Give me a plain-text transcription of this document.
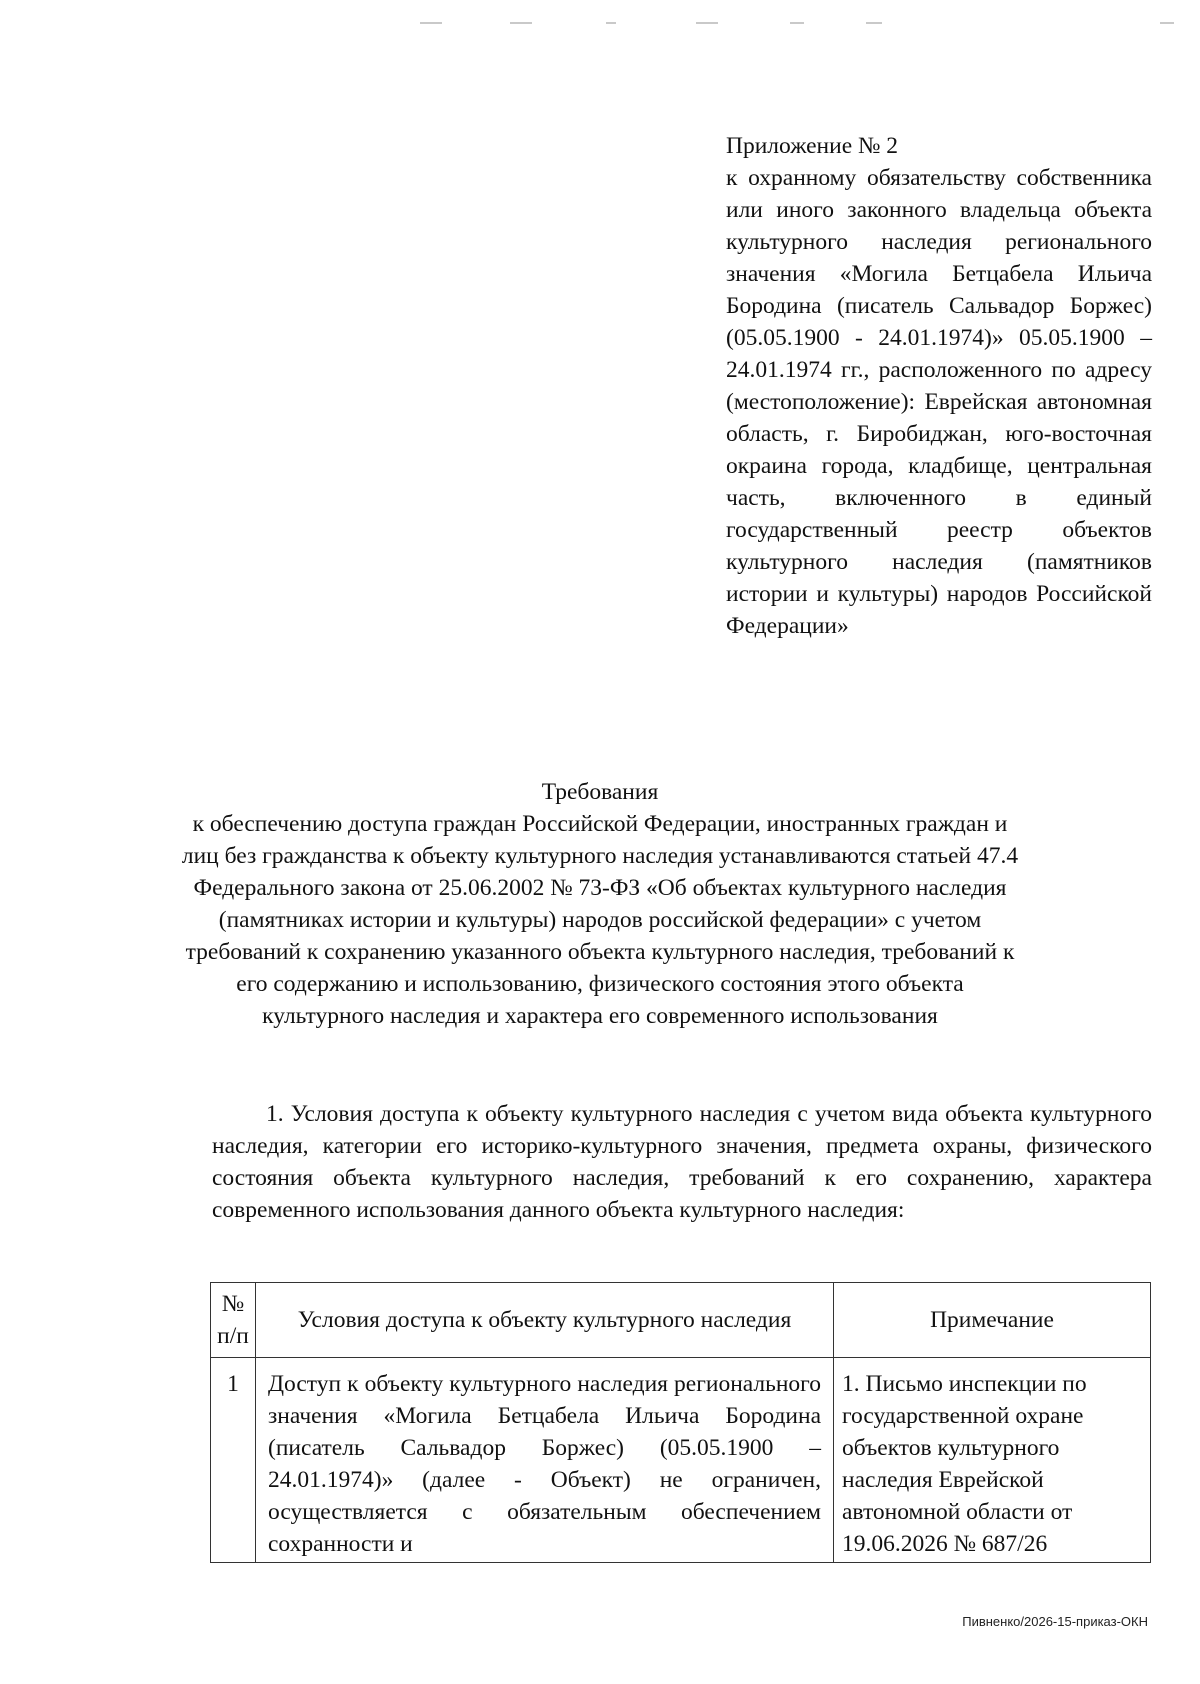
Приложение № 2
к охранному обязательству собственника или иного законного владельца объекта культурного наследия регионального значения «Могила Бетцабела Ильича Бородина (писатель Сальвадор Боржес) (05.05.1900 - 24.01.1974)» 05.05.1900 – 24.01.1974 гг., расположенного по адресу (местоположение): Еврейская автономная область, г. Биробиджан, юго-восточная окраина города, кладбище, центральная часть, включенного в единый государственный реестр объектов культурного наследия (памятников истории и культуры) народов Российской Федерации»
Требования
к обеспечению доступа граждан Российской Федерации, иностранных граждан и лиц без гражданства к объекту культурного наследия устанавливаются статьей 47.4 Федерального закона от 25.06.2002 № 73-ФЗ «Об объектах культурного наследия (памятниках истории и культуры) народов российской федерации» с учетом требований к сохранению указанного объекта культурного наследия, требований к его содержанию и использованию, физического состояния этого объекта культурного наследия и характера его современного использования
1. Условия доступа к объекту культурного наследия с учетом вида объекта культурного наследия, категории его историко-культурного значения, предмета охраны, физического состояния объекта культурного наследия, требований к его сохранению, характера современного использования данного объекта культурного наследия:
№ п/п	Условия доступа к объекту культурного наследия	Примечание
1	Доступ к объекту культурного наследия регионального значения «Могила Бетцабела Ильича Бородина (писатель Сальвадор Боржес) (05.05.1900 – 24.01.1974)» (далее - Объект) не ограничен, осуществляется с обязательным обеспечением сохранности и	1. Письмо инспекции по государственной охране объектов культурного наследия Еврейской автономной области от 19.06.2026 № 687/26
Пивненко/2026-15-приказ-ОКН
